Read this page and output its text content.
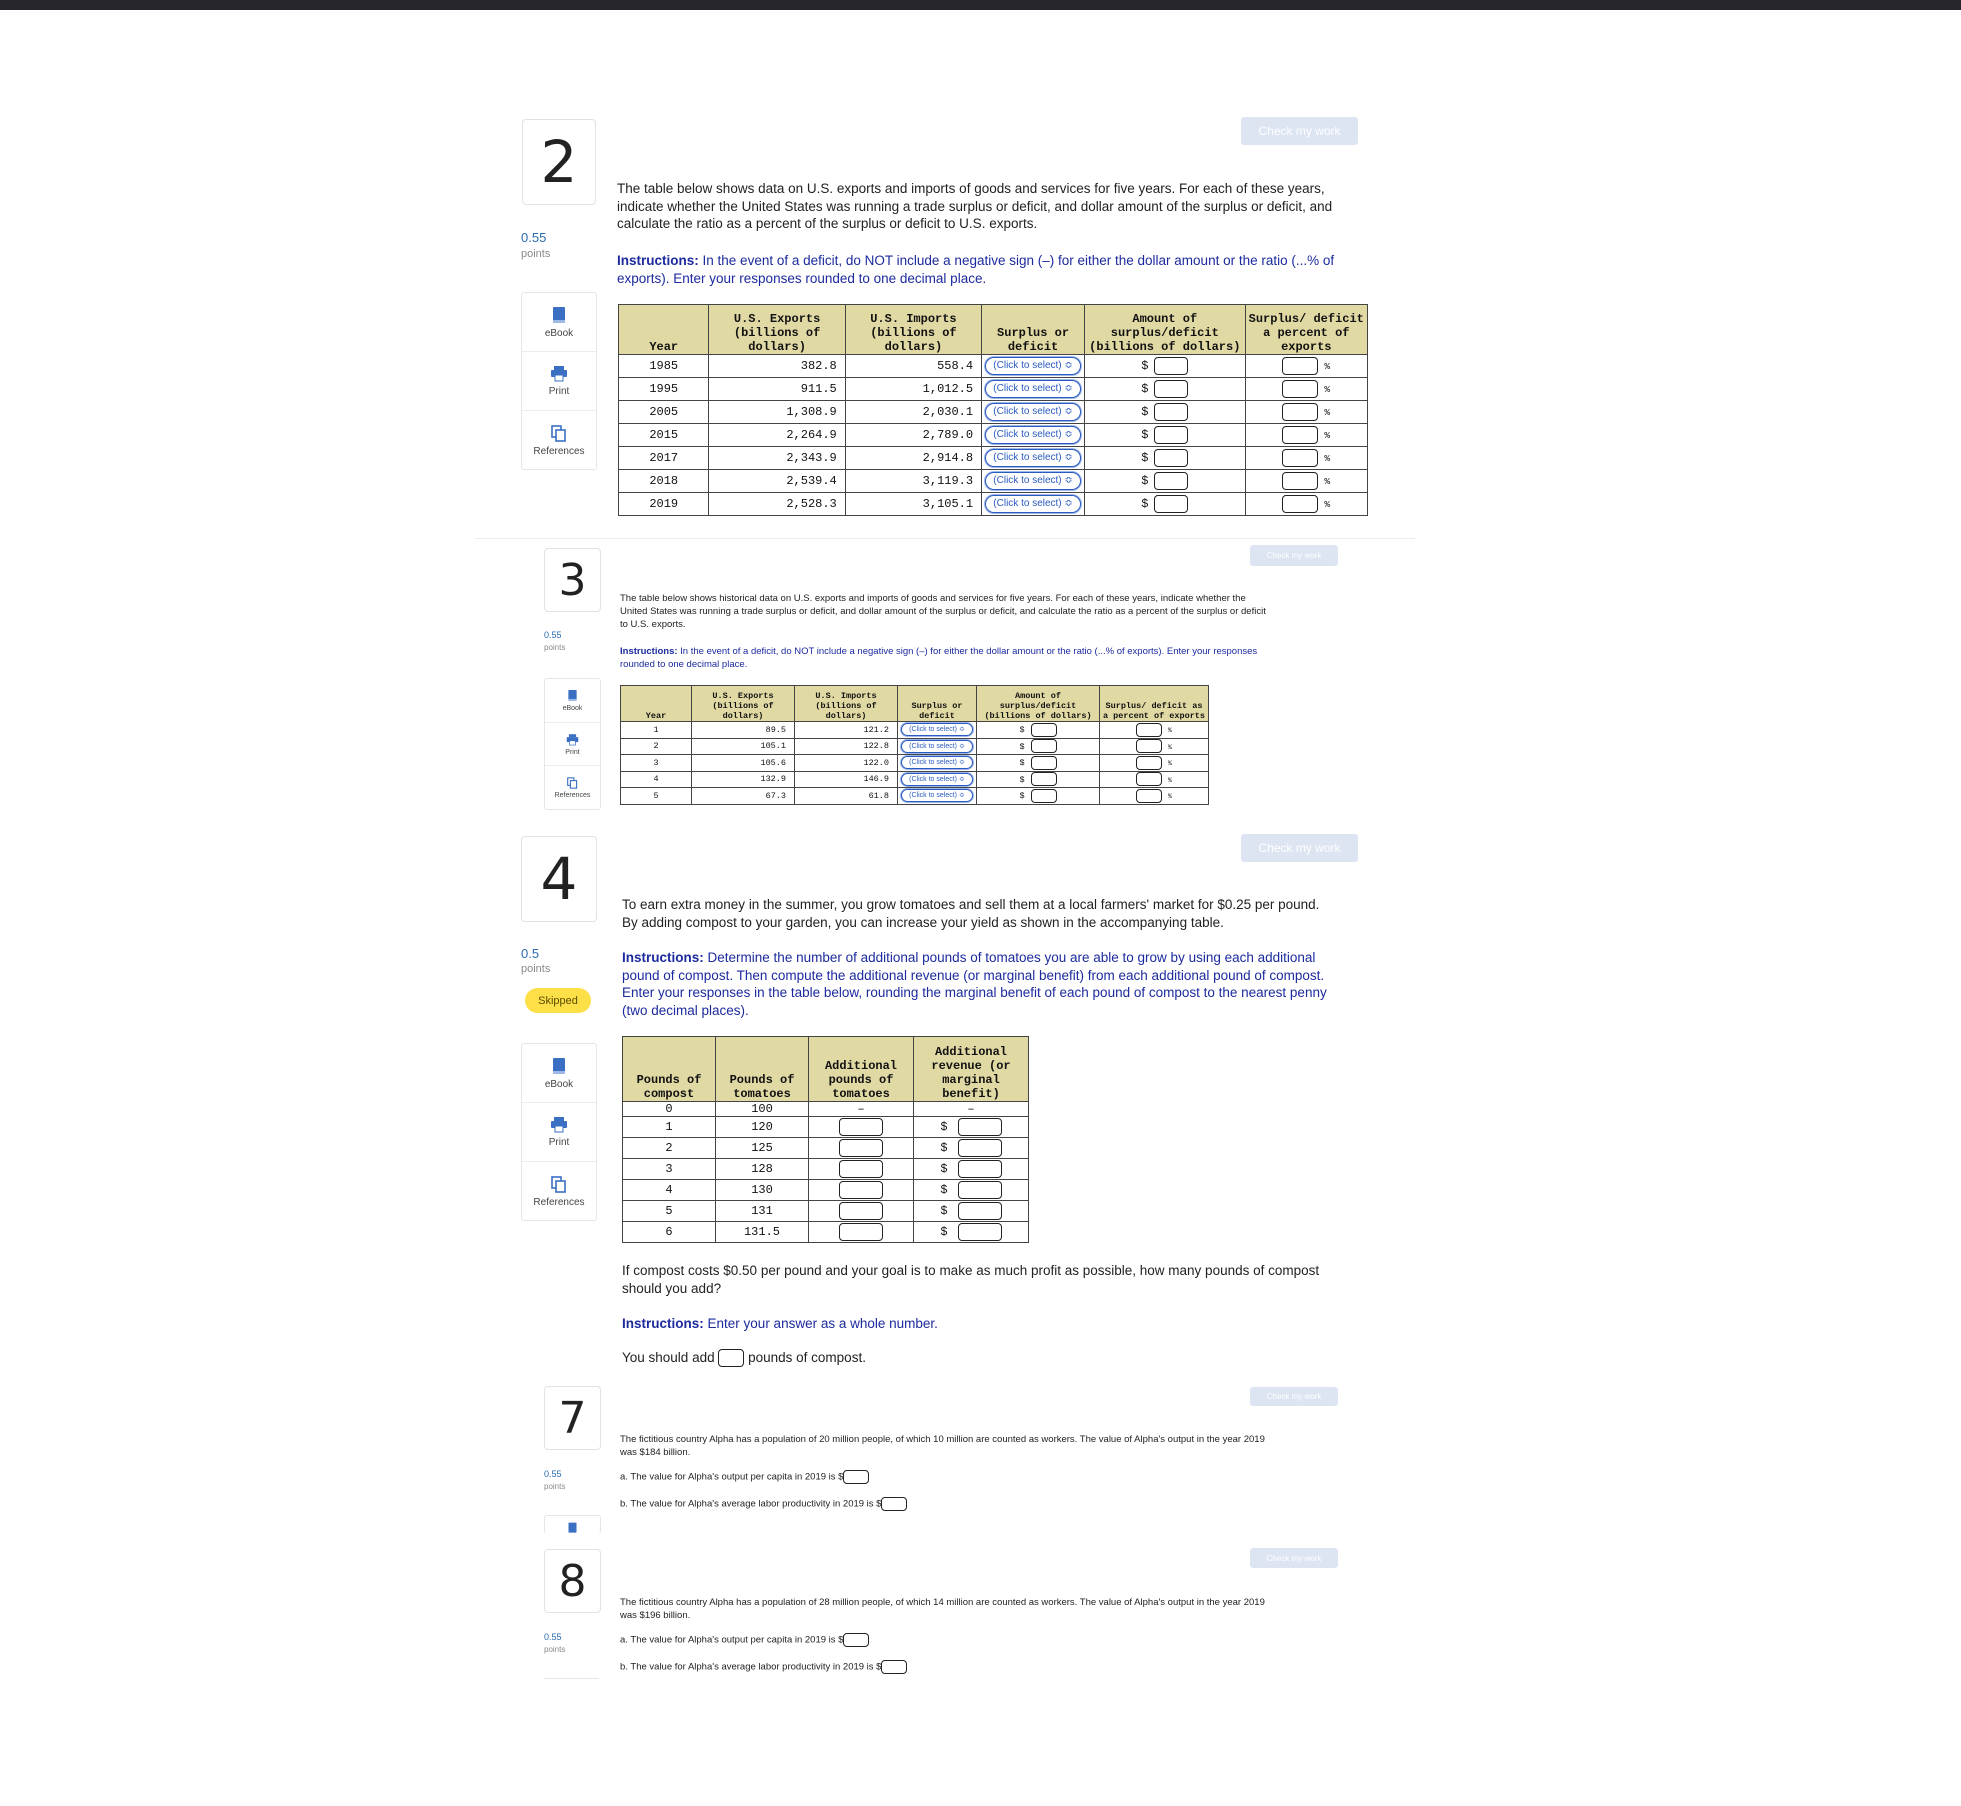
2
0.55
points
eBook
Print
References
Check my work
The table below shows data on U.S. exports and imports of goods and services for five years. For each of these years, indicate whether the United States was running a trade surplus or deficit, and dollar amount of the surplus or deficit, and calculate the ratio as a percent of the surplus or deficit to U.S. exports.
Instructions: In the event of a deficit, do NOT include a negative sign (–) for either the dollar amount or the ratio (...% of exports). Enter your responses rounded to one decimal place.
Year	U.S. Exports (billions of dollars)	U.S. Imports (billions of dollars)	Surplus or deficit	Amount of surplus/deficit (billions of dollars)	Surplus/ deficit a percent of exports
1985	382.8	558.4	(Click to select) ≎	$	%
1995	911.5	1,012.5	(Click to select) ≎	$	%
2005	1,308.9	2,030.1	(Click to select) ≎	$	%
2015	2,264.9	2,789.0	(Click to select) ≎	$	%
2017	2,343.9	2,914.8	(Click to select) ≎	$	%
2018	2,539.4	3,119.3	(Click to select) ≎	$	%
2019	2,528.3	3,105.1	(Click to select) ≎	$	%
3
0.55
points
eBook
Print
References
Check my work
The table below shows historical data on U.S. exports and imports of goods and services for five years. For each of these years, indicate whether the United States was running a trade surplus or deficit, and dollar amount of the surplus or deficit, and calculate the ratio as a percent of the surplus or deficit to U.S. exports.
Instructions: In the event of a deficit, do NOT include a negative sign (–) for either the dollar amount or the ratio (...% of exports). Enter your responses rounded to one decimal place.
Year	U.S. Exports (billions of dollars)	U.S. Imports (billions of dollars)	Surplus or deficit	Amount of surplus/deficit (billions of dollars)	Surplus/ deficit as a percent of exports
1	89.5	121.2	(Click to select) ≎	$	%
2	105.1	122.8	(Click to select) ≎	$	%
3	105.6	122.0	(Click to select) ≎	$	%
4	132.9	146.9	(Click to select) ≎	$	%
5	67.3	61.8	(Click to select) ≎	$	%
4
0.5
points
Skipped
eBook
Print
References
Check my work
To earn extra money in the summer, you grow tomatoes and sell them at a local farmers' market for $0.25 per pound. By adding compost to your garden, you can increase your yield as shown in the accompanying table.
Instructions: Determine the number of additional pounds of tomatoes you are able to grow by using each additional pound of compost. Then compute the additional revenue (or marginal benefit) from each additional pound of compost. Enter your responses in the table below, rounding the marginal benefit of each pound of compost to the nearest penny (two decimal places).
Pounds of compost	Pounds of tomatoes	Additional pounds of tomatoes	Additional revenue (or marginal benefit)
0	100	–	–
1	120		$
2	125		$
3	128		$
4	130		$
5	131		$
6	131.5		$
If compost costs $0.50 per pound and your goal is to make as much profit as possible, how many pounds of compost should you add?
Instructions: Enter your answer as a whole number.
You should add pounds of compost.
7
0.55
points
Check my work
The fictitious country Alpha has a population of 20 million people, of which 10 million are counted as workers. The value of Alpha's output in the year 2019 was $184 billion.
a. The value for Alpha's output per capita in 2019 is $
b. The value for Alpha's average labor productivity in 2019 is $
8
0.55
points
Check my work
The fictitious country Alpha has a population of 28 million people, of which 14 million are counted as workers. The value of Alpha's output in the year 2019 was $196 billion.
a. The value for Alpha's output per capita in 2019 is $
b. The value for Alpha's average labor productivity in 2019 is $
